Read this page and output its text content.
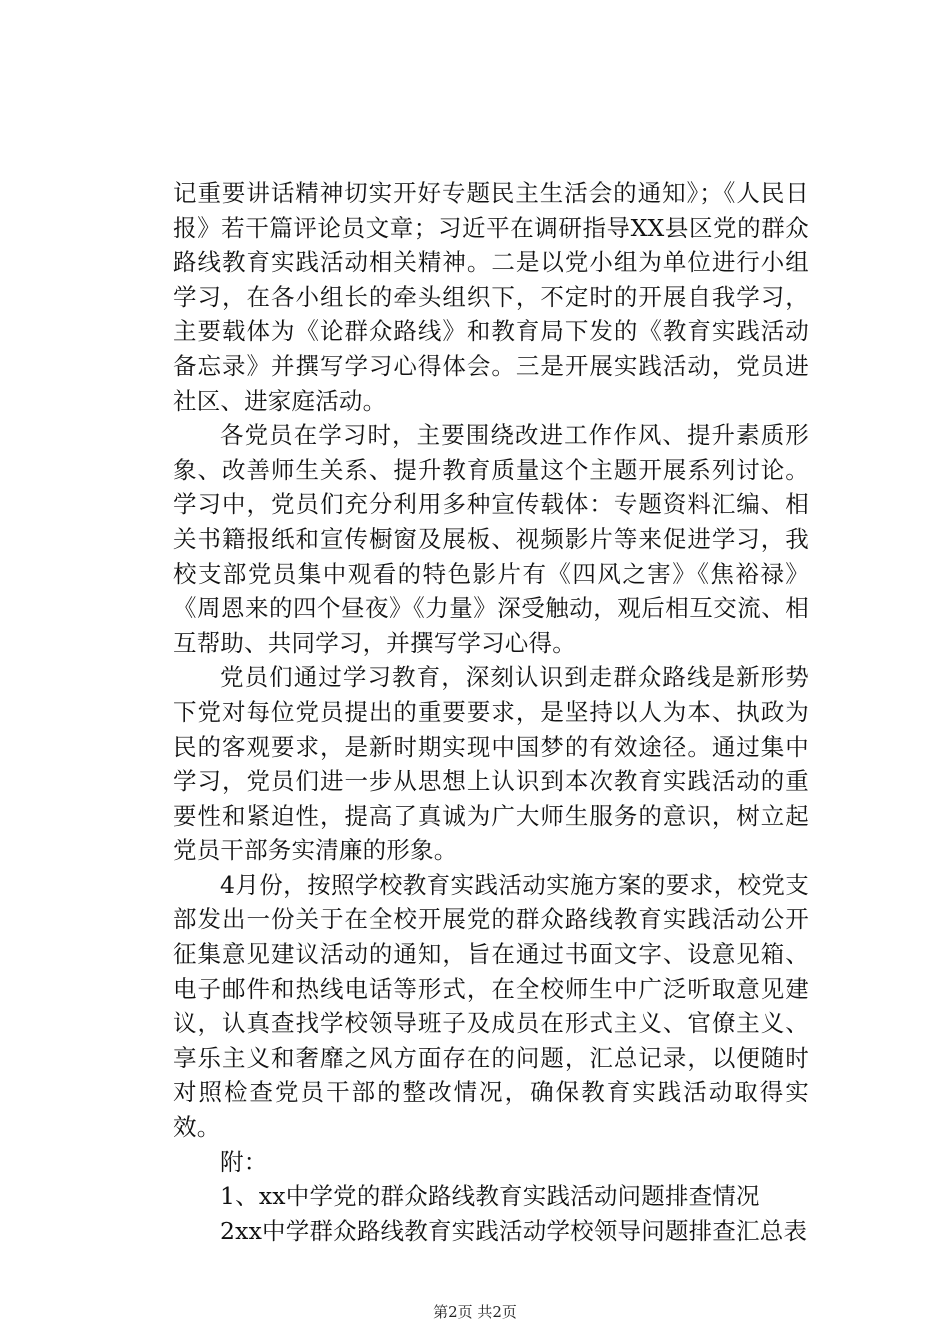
记重要讲话精神切实开好专题民主生活会的通知》；《人民日报》若干篇评论员文章；习近平在调研指导XX县区党的群众路线教育实践活动相关精神。二是以党小组为单位进行小组学习，在各小组长的牵头组织下，不定时的开展自我学习，主要载体为《论群众路线》和教育局下发的《教育实践活动备忘录》并撰写学习心得体会。三是开展实践活动，党员进社区、进家庭活动。

各党员在学习时，主要围绕改进工作作风、提升素质形象、改善师生关系、提升教育质量这个主题开展系列讨论。学习中，党员们充分利用多种宣传载体：专题资料汇编、相关书籍报纸和宣传橱窗及展板、视频影片等来促进学习，我校支部党员集中观看的特色影片有《四风之害》《焦裕禄》《周恩来的四个昼夜》《力量》深受触动，观后相互交流、相互帮助、共同学习，并撰写学习心得。

党员们通过学习教育，深刻认识到走群众路线是新形势下党对每位党员提出的重要要求，是坚持以人为本、执政为民的客观要求，是新时期实现中国梦的有效途径。通过集中学习，党员们进一步从思想上认识到本次教育实践活动的重要性和紧迫性，提高了真诚为广大师生服务的意识，树立起党员干部务实清廉的形象。

4月份，按照学校教育实践活动实施方案的要求，校党支部发出一份关于在全校开展党的群众路线教育实践活动公开征集意见建议活动的通知，旨在通过书面文字、设意见箱、电子邮件和热线电话等形式，在全校师生中广泛听取意见建议，认真查找学校领导班子及成员在形式主义、官僚主义、享乐主义和奢靡之风方面存在的问题，汇总记录，以便随时对照检查党员干部的整改情况，确保教育实践活动取得实效。

附：

1、xx中学党的群众路线教育实践活动问题排查情况

2xx中学群众路线教育实践活动学校领导问题排查汇总表

第2页 共2页
